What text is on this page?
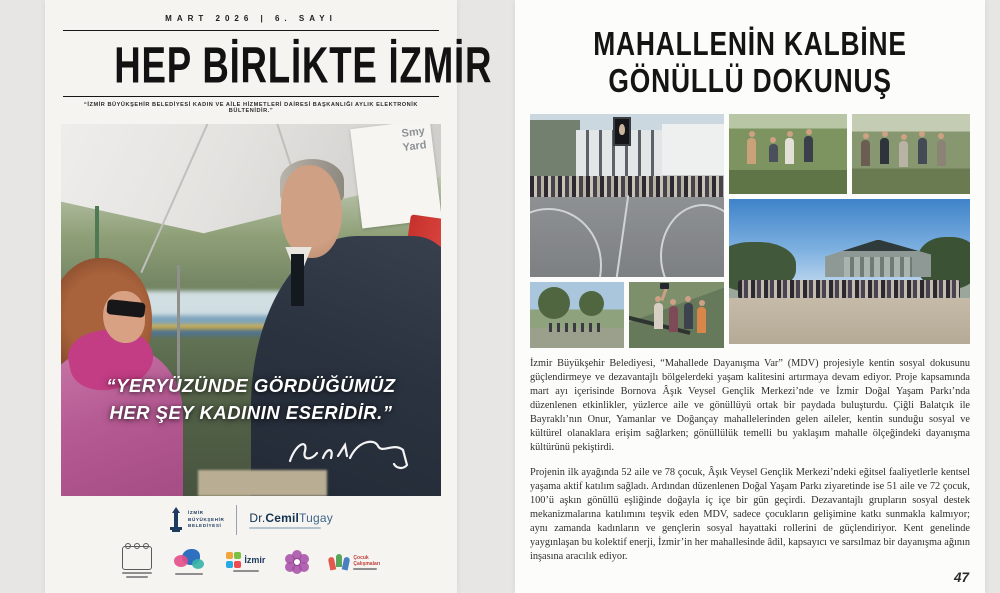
MART 2026 | 6. SAYI
HEP BİRLİKTE İZMİR
“İZMİR BÜYÜKŞEHİR BELEDİYESİ KADIN VE AİLE HİZMETLERİ DAİRESİ BAŞKANLIĞI AYLIK ELEKTRONİK BÜLTENİDİR.”
Smy
Yard
“YERYÜZÜNDE GÖRDÜĞÜMÜZ
HER ŞEY KADININ ESERİDİR.”
İZMİR
BÜYÜKŞEHİR
BELEDİYESİ
Dr.CemilTugay
İzmir	Çocuk
Çalışmaları
MAHALLENİN KALBİNE
GÖNÜLLÜ DOKUNUŞ

İzmir Büyükşehir Belediyesi, “Mahallede Dayanışma Var” (MDV) projesiyle kentin sosyal dokusunu güçlendirmeye ve dezavantajlı bölgelerdeki yaşam kalitesini artırmaya devam ediyor. Proje kapsamında mart ayı içerisinde Bornova Âşık Veysel Gençlik Merkezi’nde ve İzmir Doğal Yaşam Parkı’nda düzenlenen etkinlikler, yüzlerce aile ve gönüllüyü ortak bir paydada buluşturdu. Çiğli Balatçık ile Bayraklı’nın Onur, Yamanlar ve Doğançay mahallelerinden gelen aileler, kentin sunduğu sosyal ve kültürel olanaklara erişim sağlarken; gönüllülük temelli bu yaklaşım mahalle ölçeğindeki dayanışma kültürünü pekiştirdi.

Projenin ilk ayağında 52 aile ve 78 çocuk, Âşık Veysel Gençlik Merkezi’ndeki eğitsel faaliyetlerle kentsel yaşama aktif katılım sağladı. Ardından düzenlenen Doğal Yaşam Parkı ziyaretinde ise 51 aile ve 72 çocuk, 100’ü aşkın gönüllü eşliğinde doğayla iç içe bir gün geçirdi. Dezavantajlı grupların sosyal destek mekanizmalarına katılımını teşvik eden MDV, sadece çocukların gelişimine katkı sunmakla kalmıyor; aynı zamanda kadınların ve gençlerin sosyal hayattaki rollerini de güçlendiriyor. Kent genelinde yaygınlaşan bu kolektif enerji, İzmir’in her mahallesinde âdil, kapsayıcı ve sarsılmaz bir dayanışma ağının inşasına aracılık ediyor.

47
